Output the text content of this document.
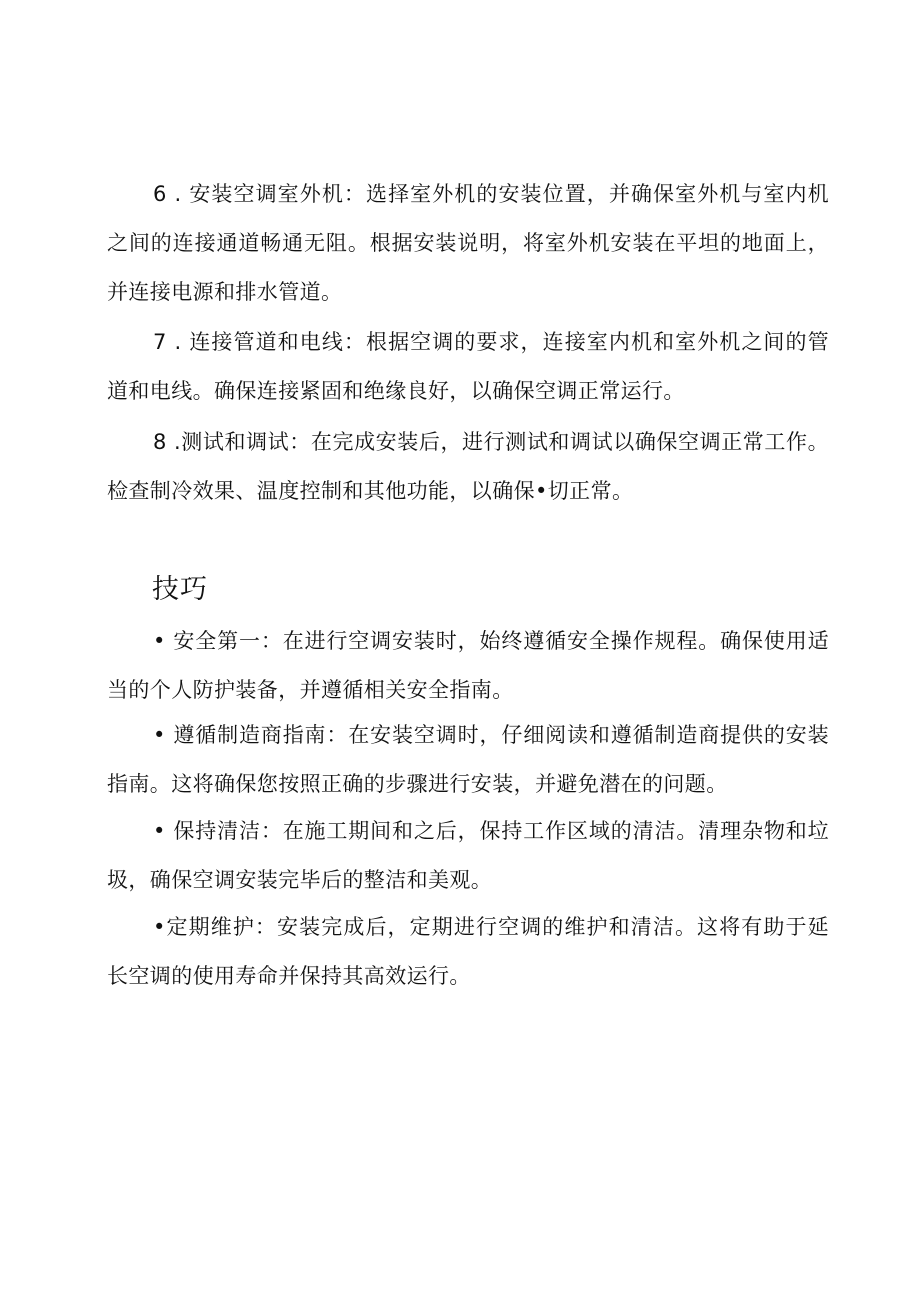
6 . 安装空调室外机：选择室外机的安装位置，并确保室外机与室内机之间的连接通道畅通无阻。根据安装说明，将室外机安装在平坦的地面上，并连接电源和排水管道。

7 . 连接管道和电线：根据空调的要求，连接室内机和室外机之间的管道和电线。确保连接紧固和绝缘良好，以确保空调正常运行。

8 .测试和调试：在完成安装后，进行测试和调试以确保空调正常工作。检查制冷效果、温度控制和其他功能，以确保•切正常。

技巧

• 安全第一：在进行空调安装时，始终遵循安全操作规程。确保使用适当的个人防护装备，并遵循相关安全指南。

• 遵循制造商指南：在安装空调时，仔细阅读和遵循制造商提供的安装指南。这将确保您按照正确的步骤进行安装，并避免潜在的问题。

• 保持清洁：在施工期间和之后，保持工作区域的清洁。清理杂物和垃圾，确保空调安装完毕后的整洁和美观。

•定期维护：安装完成后，定期进行空调的维护和清洁。这将有助于延长空调的使用寿命并保持其高效运行。
